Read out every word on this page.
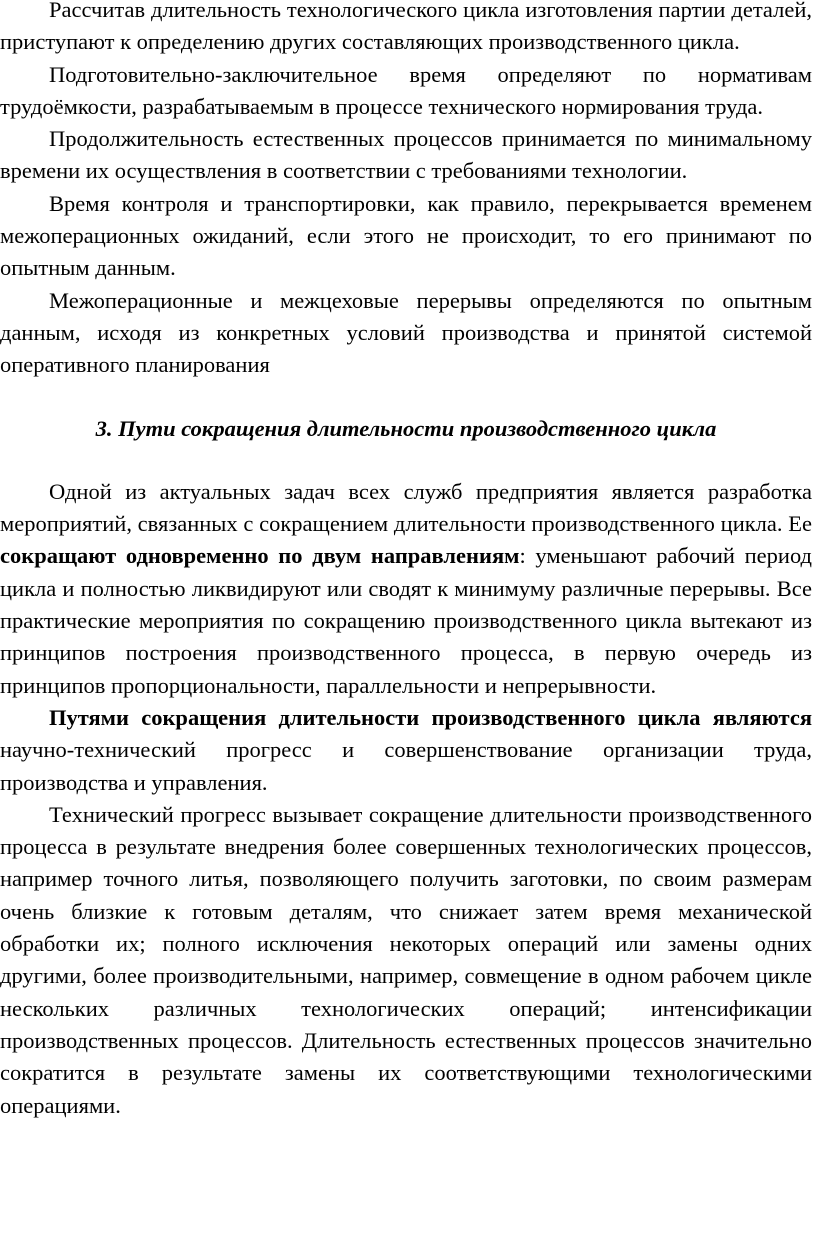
Рассчитав длительность технологического цикла изготовления партии деталей, приступают к определению других составляющих производственного цикла.

Подготовительно-заключительное время определяют по нормативам трудоёмкости, разрабатываемым в процессе технического нормирования труда.

Продолжительность естественных процессов принимается по минимальному времени их осуществления в соответствии с требованиями технологии.

Время контроля и транспортировки, как правило, перекрывается временем межоперационных ожиданий, если этого не происходит, то его принимают по опытным данным.

Межоперационные и межцеховые перерывы определяются по опытным данным, исходя из конкретных условий производства и принятой системой оперативного планирования

3. Пути сокращения длительности производственного цикла

Одной из актуальных задач всех служб предприятия является разработка мероприятий, связанных с сокращением длительности производственного цикла. Ее сокращают одновременно по двум направлениям: уменьшают рабочий период цикла и полностью ликвидируют или сводят к минимуму различные перерывы. Все практические мероприятия по сокращению производственного цикла вытекают из принципов построения производственного процесса, в первую очередь из принципов пропорциональности, параллельности и непрерывности.

Путями сокращения длительности производственного цикла являются научно-технический прогресс и совершенствование организации труда, производства и управления.

Технический прогресс вызывает сокращение длительности производственного процесса в результате внедрения более совершенных технологических процессов, например точного литья, позволяющего получить заготовки, по своим размерам очень близкие к готовым деталям, что снижает затем время механической обработки их; полного исключения некоторых операций или замены одних другими, более производительными, например, совмещение в одном рабочем цикле нескольких различных технологических операций; интенсификации производственных процессов. Длительность естественных процессов значительно сократится в результате замены их соответствующими технологическими операциями.
